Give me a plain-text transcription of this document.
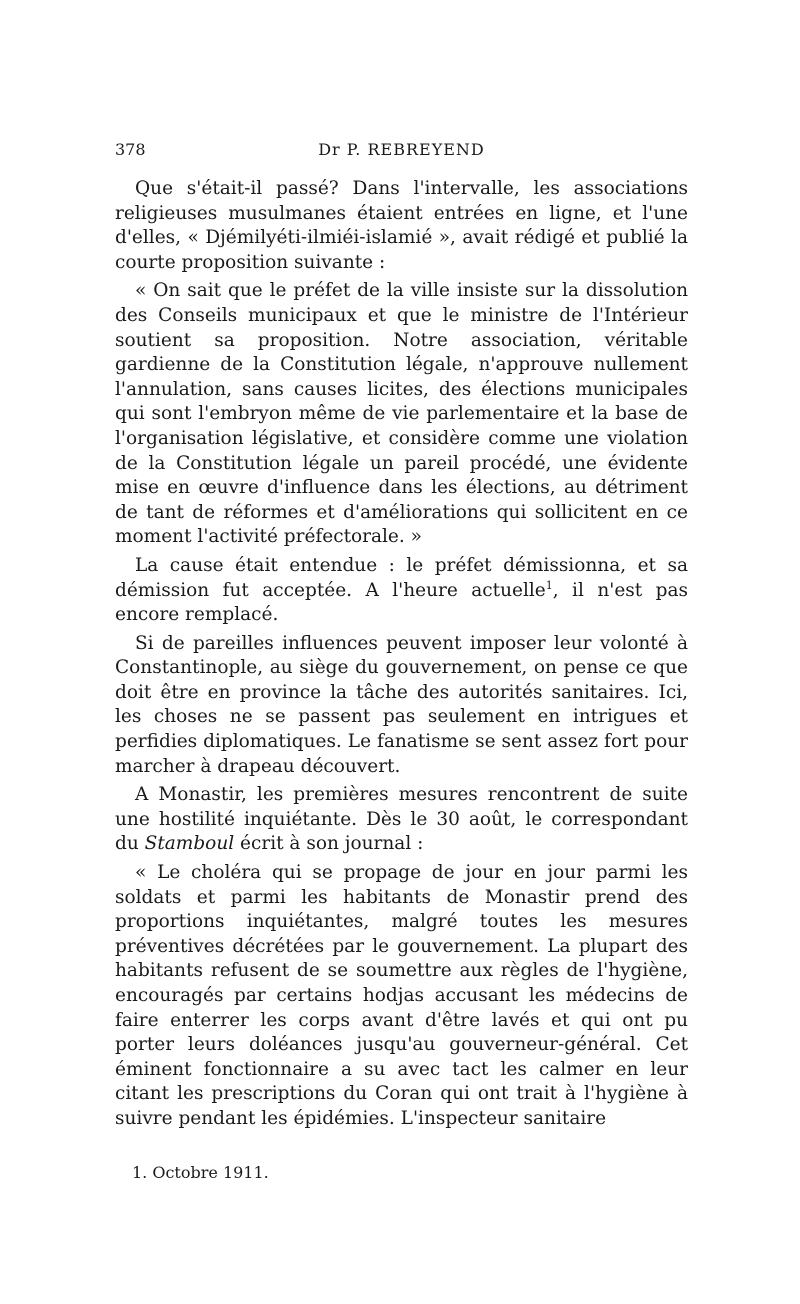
378	Dr P. REBREYEND

Que s'était-il passé? Dans l'intervalle, les associations religieuses musulmanes étaient entrées en ligne, et l'une d'elles, « Djémilyéti-ilmiéi-islamié », avait rédigé et publié la courte proposition suivante :

« On sait que le préfet de la ville insiste sur la dissolution des Conseils municipaux et que le ministre de l'Intérieur soutient sa proposition. Notre association, véritable gardienne de la Constitution légale, n'approuve nullement l'annulation, sans causes licites, des élections municipales qui sont l'embryon même de vie parlementaire et la base de l'organisation législative, et considère comme une violation de la Constitution légale un pareil procédé, une évidente mise en œuvre d'influence dans les élections, au détriment de tant de réformes et d'améliorations qui sollicitent en ce moment l'activité préfectorale. »

La cause était entendue : le préfet démissionna, et sa démission fut acceptée. A l'heure actuelle$^1$, il n'est pas encore remplacé.

Si de pareilles influences peuvent imposer leur volonté à Constantinople, au siège du gouvernement, on pense ce que doit être en province la tâche des autorités sanitaires. Ici, les choses ne se passent pas seulement en intrigues et perfidies diplomatiques. Le fanatisme se sent assez fort pour marcher à drapeau découvert.

A Monastir, les premières mesures rencontrent de suite une hostilité inquiétante. Dès le 30 août, le correspondant du Stamboul écrit à son journal :

« Le choléra qui se propage de jour en jour parmi les soldats et parmi les habitants de Monastir prend des proportions inquiétantes, malgré toutes les mesures préventives décrétées par le gouvernement. La plupart des habitants refusent de se soumettre aux règles de l'hygiène, encouragés par certains hodjas accusant les médecins de faire enterrer les corps avant d'être lavés et qui ont pu porter leurs doléances jusqu'au gouverneur-général. Cet éminent fonctionnaire a su avec tact les calmer en leur citant les prescriptions du Coran qui ont trait à l'hygiène à suivre pendant les épidémies. L'inspecteur sanitaire

1. Octobre 1911.
